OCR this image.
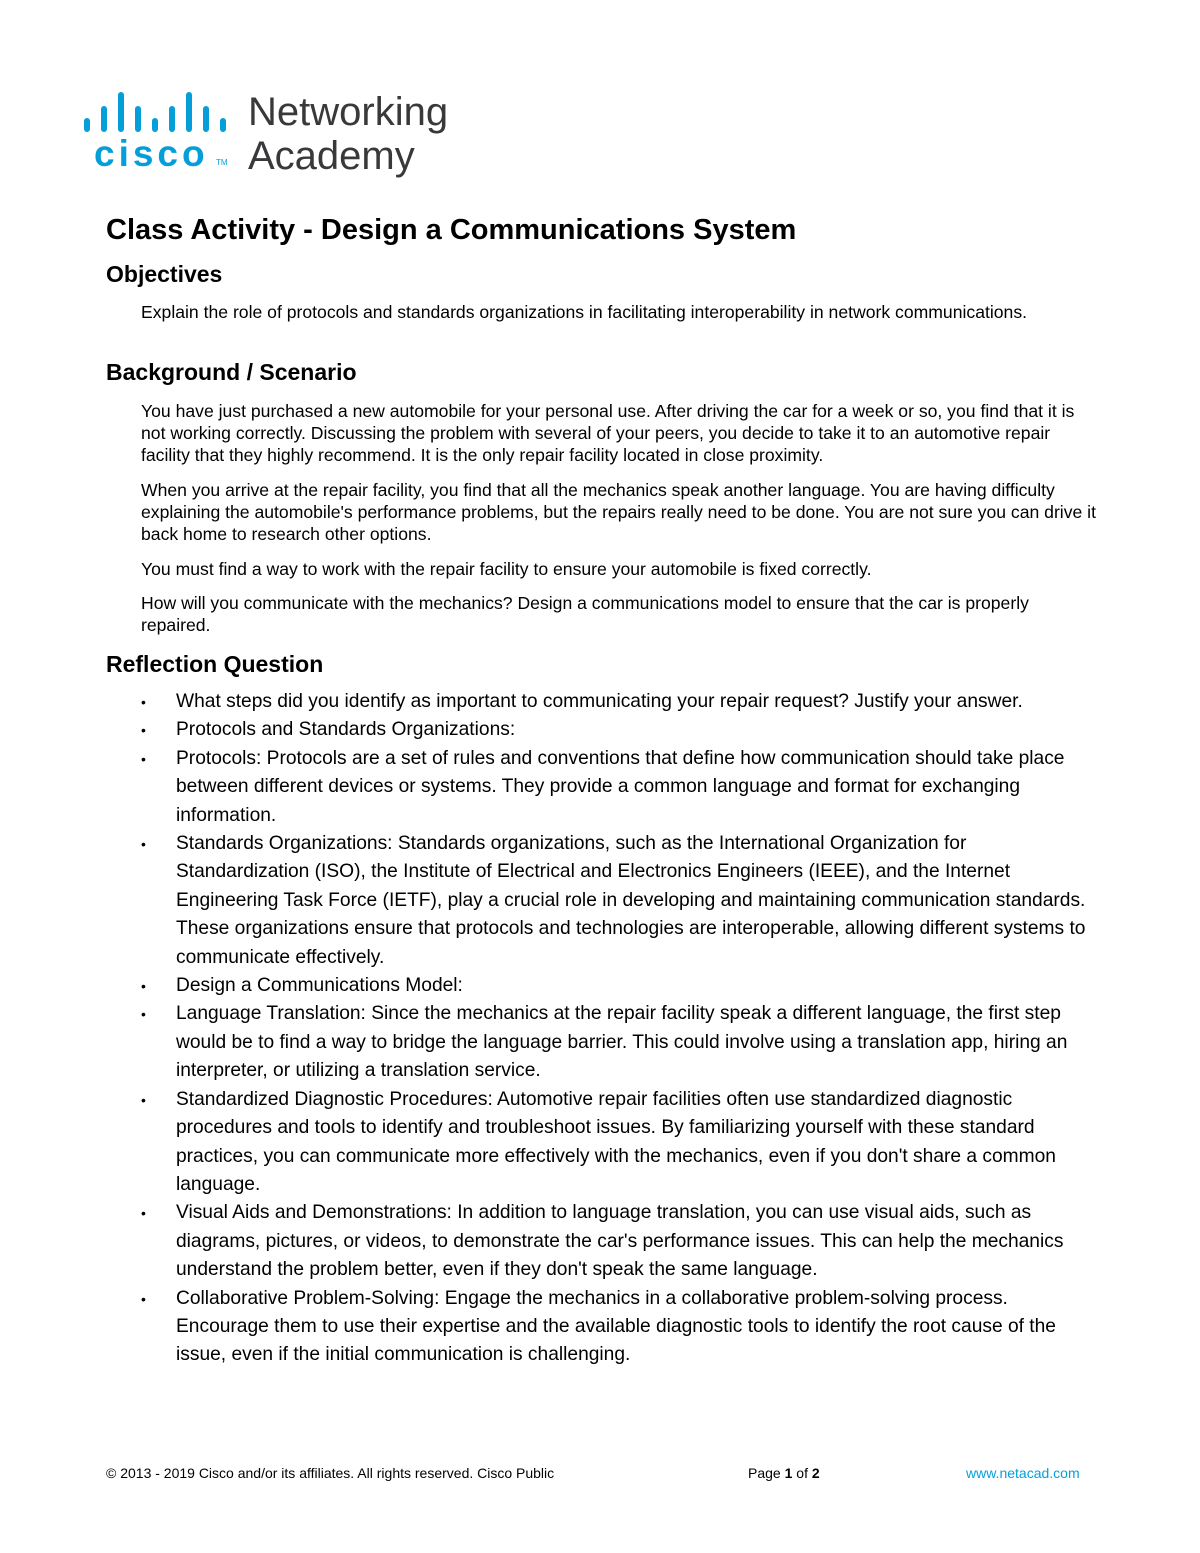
cisco TM
Networking
Academy
Class Activity - Design a Communications System
Objectives

Explain the role of protocols and standards organizations in facilitating interoperability in network communications.

Background / Scenario

You have just purchased a new automobile for your personal use. After driving the car for a week or so, you find that it is not working correctly. Discussing the problem with several of your peers, you decide to take it to an automotive repair facility that they highly recommend. It is the only repair facility located in close proximity.

When you arrive at the repair facility, you find that all the mechanics speak another language. You are having difficulty explaining the automobile's performance problems, but the repairs really need to be done. You are not sure you can drive it back home to research other options.

You must find a way to work with the repair facility to ensure your automobile is fixed correctly.

How will you communicate with the mechanics? Design a communications model to ensure that the car is properly repaired.

Reflection Question
• What steps did you identify as important to communicating your repair request? Justify your answer.
• Protocols and Standards Organizations:
• Protocols: Protocols are a set of rules and conventions that define how communication should take place between different devices or systems. They provide a common language and format for exchanging information.
• Standards Organizations: Standards organizations, such as the International Organization for Standardization (ISO), the Institute of Electrical and Electronics Engineers (IEEE), and the Internet Engineering Task Force (IETF), play a crucial role in developing and maintaining communication standards. These organizations ensure that protocols and technologies are interoperable, allowing different systems to communicate effectively.
• Design a Communications Model:
• Language Translation: Since the mechanics at the repair facility speak a different language, the first step would be to find a way to bridge the language barrier. This could involve using a translation app, hiring an interpreter, or utilizing a translation service.
• Standardized Diagnostic Procedures: Automotive repair facilities often use standardized diagnostic procedures and tools to identify and troubleshoot issues. By familiarizing yourself with these standard practices, you can communicate more effectively with the mechanics, even if you don't share a common language.
• Visual Aids and Demonstrations: In addition to language translation, you can use visual aids, such as diagrams, pictures, or videos, to demonstrate the car's performance issues. This can help the mechanics understand the problem better, even if they don't speak the same language.
• Collaborative Problem-Solving: Engage the mechanics in a collaborative problem-solving process. Encourage them to use their expertise and the available diagnostic tools to identify the root cause of the issue, even if the initial communication is challenging.
© 2013 - 2019 Cisco and/or its affiliates. All rights reserved. Cisco Public	Page 1 of 2	www.netacad.com
